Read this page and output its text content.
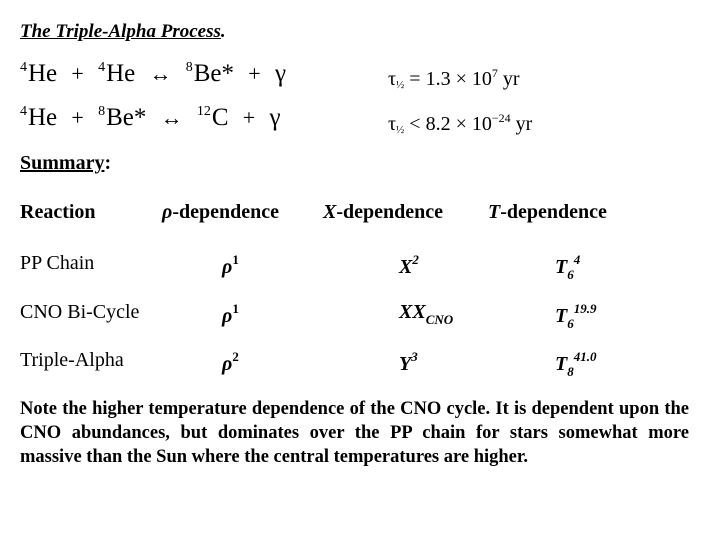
The Triple-Alpha Process.
$^4$He + $^4$He ↔ $^8$Be* + γ	τ½ = $1.3 \times 10^7$ yr
$^4$He + $^8$Be* ↔ $^{12}$C + γ	τ½ < $8.2 \times 10^{-24}$ yr
Summary:
Reaction	ρ-dependence X-dependence T-dependence
PP Chain	$\rho^1$	$X^2$	$T_6^4$
CNO Bi-Cycle	$\rho^1$	$XX_{CNO}$	$T_6^{19.9}$
Triple-Alpha	$\rho^2$	$Y^3$	$T_8^{41.0}$
Note the higher temperature dependence of the CNO cycle. It is dependent upon the CNO abundances, but dominates over the PP chain for stars somewhat more massive than the Sun where the central temperatures are higher.
